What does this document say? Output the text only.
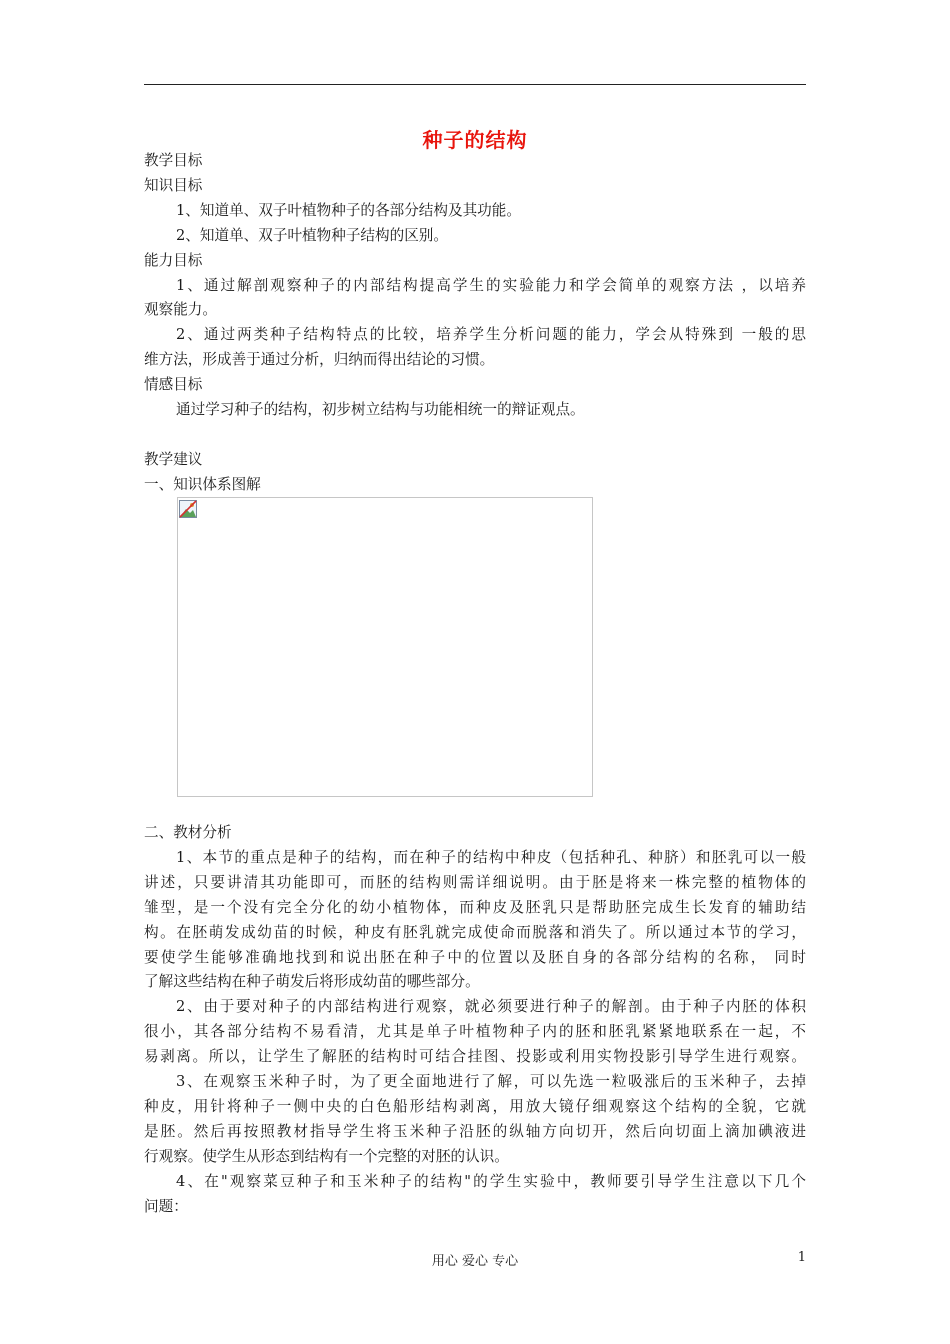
种子的结构
教学目标
知识目标
1、知道单、双子叶植物种子的各部分结构及其功能。
2、知道单、双子叶植物种子结构的区别。
能力目标
1、通过解剖观察种子的内部结构提高学生的实验能力和学会简单的观察方法 ，以培养
观察能力。
2、通过两类种子结构特点的比较，培养学生分析问题的能力，学会从特殊到 一般的思
维方法，形成善于通过分析，归纳而得出结论的习惯。
情感目标
通过学习种子的结构，初步树立结构与功能相统一的辩证观点。
教学建议
一、知识体系图解
二、教材分析
1、本节的重点是种子的结构，而在种子的结构中种皮（包括种孔、种脐）和胚乳可以一般
讲述，只要讲清其功能即可，而胚的结构则需详细说明。由于胚是将来一株完整的植物体的
雏型，是一个没有完全分化的幼小植物体，而种皮及胚乳只是帮助胚完成生长发育的辅助结
构。在胚萌发成幼苗的时候，种皮有胚乳就完成使命而脱落和消失了。所以通过本节的学习，
要使学生能够准确地找到和说出胚在种子中的位置以及胚自身的各部分结构的名称， 同时
了解这些结构在种子萌发后将形成幼苗的哪些部分。
2、由于要对种子的内部结构进行观察，就必须要进行种子的解剖。由于种子内胚的体积
很小，其各部分结构不易看清，尤其是单子叶植物种子内的胚和胚乳紧紧地联系在一起，不
易剥离。所以，让学生了解胚的结构时可结合挂图、投影或利用实物投影引导学生进行观察。
3、在观察玉米种子时，为了更全面地进行了解，可以先选一粒吸涨后的玉米种子，去掉
种皮，用针将种子一侧中央的白色船形结构剥离，用放大镜仔细观察这个结构的全貌，它就
是胚。然后再按照教材指导学生将玉米种子沿胚的纵轴方向切开，然后向切面上滴加碘液进
行观察。使学生从形态到结构有一个完整的对胚的认识。
4、在"观察菜豆种子和玉米种子的结构"的学生实验中，教师要引导学生注意以下几个
问题：
用心 爱心 专心	1
